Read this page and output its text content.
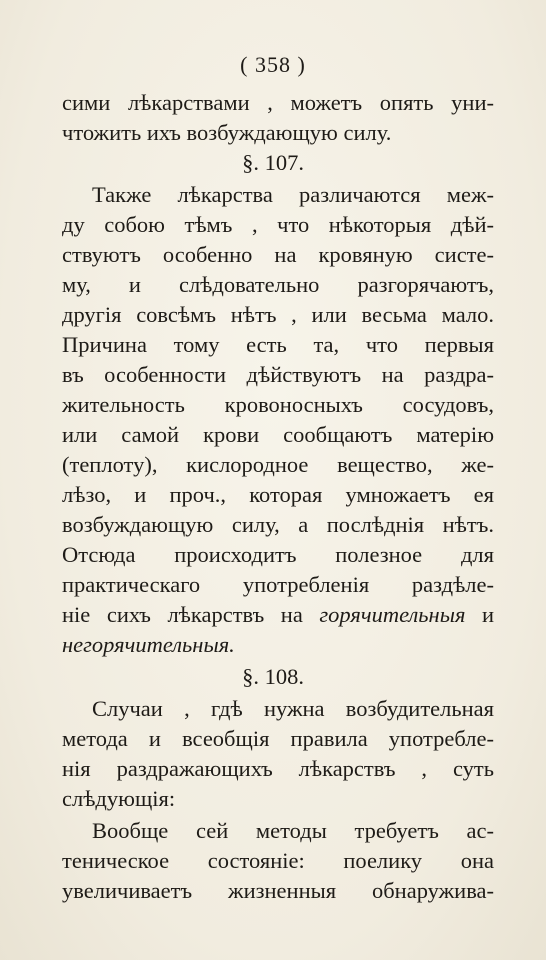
( 358 )
сими лѣкарствами , можетъ опять уни-
чтожить ихъ возбуждающую силу.
§. 107.
Также лѣкарства различаются меж-
ду собою тѣмъ , что нѣкоторыя дѣй-
ствуютъ особенно на кровяную систе-
му, и слѣдовательно разгорячаютъ,
другія совсѣмъ нѣтъ , или весьма мало.
Причина тому есть та, что первыя
въ особенности дѣйствуютъ на раздра-
жительность кровоносныхъ сосудовъ,
или самой крови сообщаютъ матерію
(теплоту), кислородное вещество, же-
лѣзо, и проч., которая умножаетъ ея
возбуждающую силу, а послѣднія нѣтъ.
Отсюда происходитъ полезное для
практическаго употребленія раздѣле-
ніе сихъ лѣкарствъ на горячительныя и
негорячительныя.
§. 108.
Случаи , гдѣ нужна возбудительная
метода и всеобщія правила употребле-
нія раздражающихъ лѣкарствъ , суть
слѣдующія:
Вообще сей методы требуетъ ас-
теническое состояніе: поелику она
увеличиваетъ жизненныя обнаружива-
